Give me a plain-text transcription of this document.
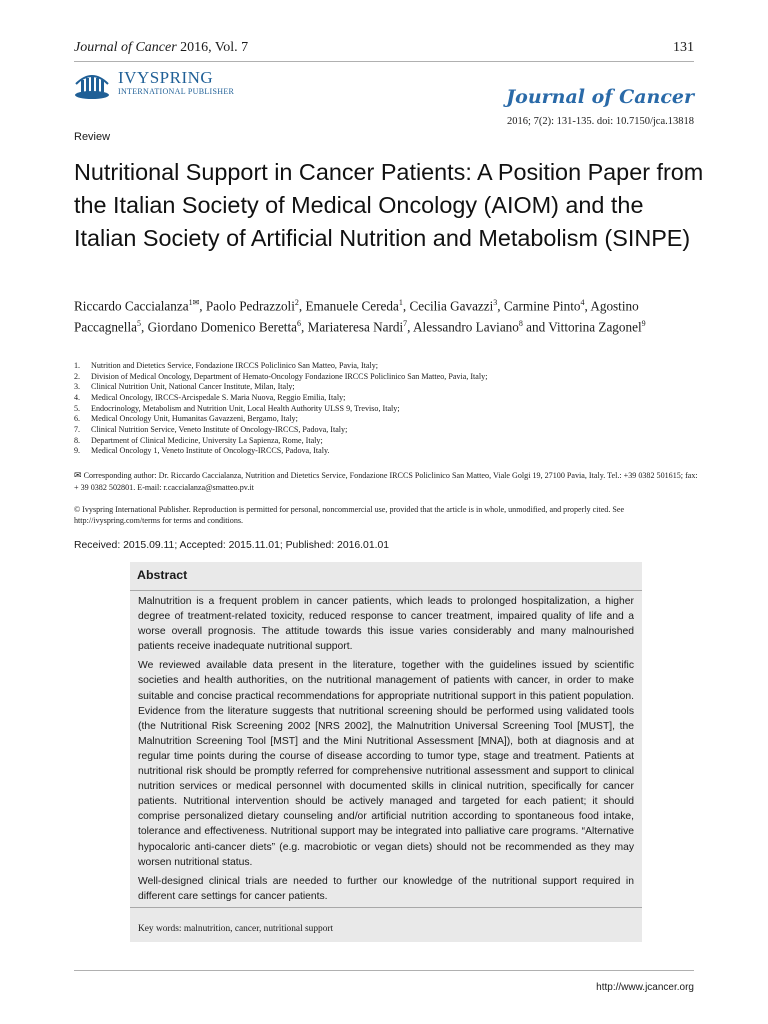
Journal of Cancer 2016, Vol. 7	131
IVYSPRING
INTERNATIONAL PUBLISHER	Journal of Cancer
2016; 7(2): 131-135. doi: 10.7150/jca.13818
Review
Nutritional Support in Cancer Patients: A Position Paper from the Italian Society of Medical Oncology (AIOM) and the Italian Society of Artificial Nutrition and Metabolism (SINPE)
Riccardo Caccialanza$^{1✉}$, Paolo Pedrazzoli$^2$, Emanuele Cereda$^1$, Cecilia Gavazzi$^3$, Carmine Pinto$^4$, Agostino Paccagnella$^5$, Giordano Domenico Beretta$^6$, Mariateresa Nardi$^7$, Alessandro Laviano$^8$ and Vittorina Zagonel$^9$
1. Nutrition and Dietetics Service, Fondazione IRCCS Policlinico San Matteo, Pavia, Italy;
2. Division of Medical Oncology, Department of Hemato-Oncology Fondazione IRCCS Policlinico San Matteo, Pavia, Italy;
3. Clinical Nutrition Unit, National Cancer Institute, Milan, Italy;
4. Medical Oncology, IRCCS-Arcispedale S. Maria Nuova, Reggio Emilia, Italy;
5. Endocrinology, Metabolism and Nutrition Unit, Local Health Authority ULSS 9, Treviso, Italy;
6. Medical Oncology Unit, Humanitas Gavazzeni, Bergamo, Italy;
7. Clinical Nutrition Service, Veneto Institute of Oncology-IRCCS, Padova, Italy;
8. Department of Clinical Medicine, University La Sapienza, Rome, Italy;
9. Medical Oncology 1, Veneto Institute of Oncology-IRCCS, Padova, Italy.
✉ Corresponding author: Dr. Riccardo Caccialanza, Nutrition and Dietetics Service, Fondazione IRCCS Policlinico San Matteo, Viale Golgi 19, 27100 Pavia, Italy. Tel.: +39 0382 501615; fax: + 39 0382 502801. E-mail: r.caccialanza@smatteo.pv.it
© Ivyspring International Publisher. Reproduction is permitted for personal, noncommercial use, provided that the article is in whole, unmodified, and properly cited. See http://ivyspring.com/terms for terms and conditions.
Received: 2015.09.11; Accepted: 2015.11.01; Published: 2016.01.01
Abstract

Malnutrition is a frequent problem in cancer patients, which leads to prolonged hospitalization, a higher degree of treatment-related toxicity, reduced response to cancer treatment, impaired quality of life and a worse overall prognosis. The attitude towards this issue varies considerably and many malnourished patients receive inadequate nutritional support.

We reviewed available data present in the literature, together with the guidelines issued by scientific societies and health authorities, on the nutritional management of patients with cancer, in order to make suitable and concise practical recommendations for appropriate nutritional support in this patient population. Evidence from the literature suggests that nutritional screening should be performed using validated tools (the Nutritional Risk Screening 2002 [NRS 2002], the Malnutrition Universal Screening Tool [MUST], the Malnutrition Screening Tool [MST] and the Mini Nutritional Assessment [MNA]), both at diagnosis and at regular time points during the course of disease according to tumor type, stage and treatment. Patients at nutritional risk should be promptly referred for comprehensive nutritional assessment and support to clinical nutrition services or medical personnel with documented skills in clinical nutrition, specifically for cancer patients. Nutritional intervention should be actively managed and targeted for each patient; it should comprise personalized dietary counseling and/or artificial nutrition according to spontaneous food intake, tolerance and effectiveness. Nutritional support may be integrated into palliative care programs. “Alternative hypocaloric anti-cancer diets” (e.g. macrobiotic or vegan diets) should not be recommended as they may worsen nutritional status.

Well-designed clinical trials are needed to further our knowledge of the nutritional support required in different care settings for cancer patients.

Key words: malnutrition, cancer, nutritional support
http://www.jcancer.org
